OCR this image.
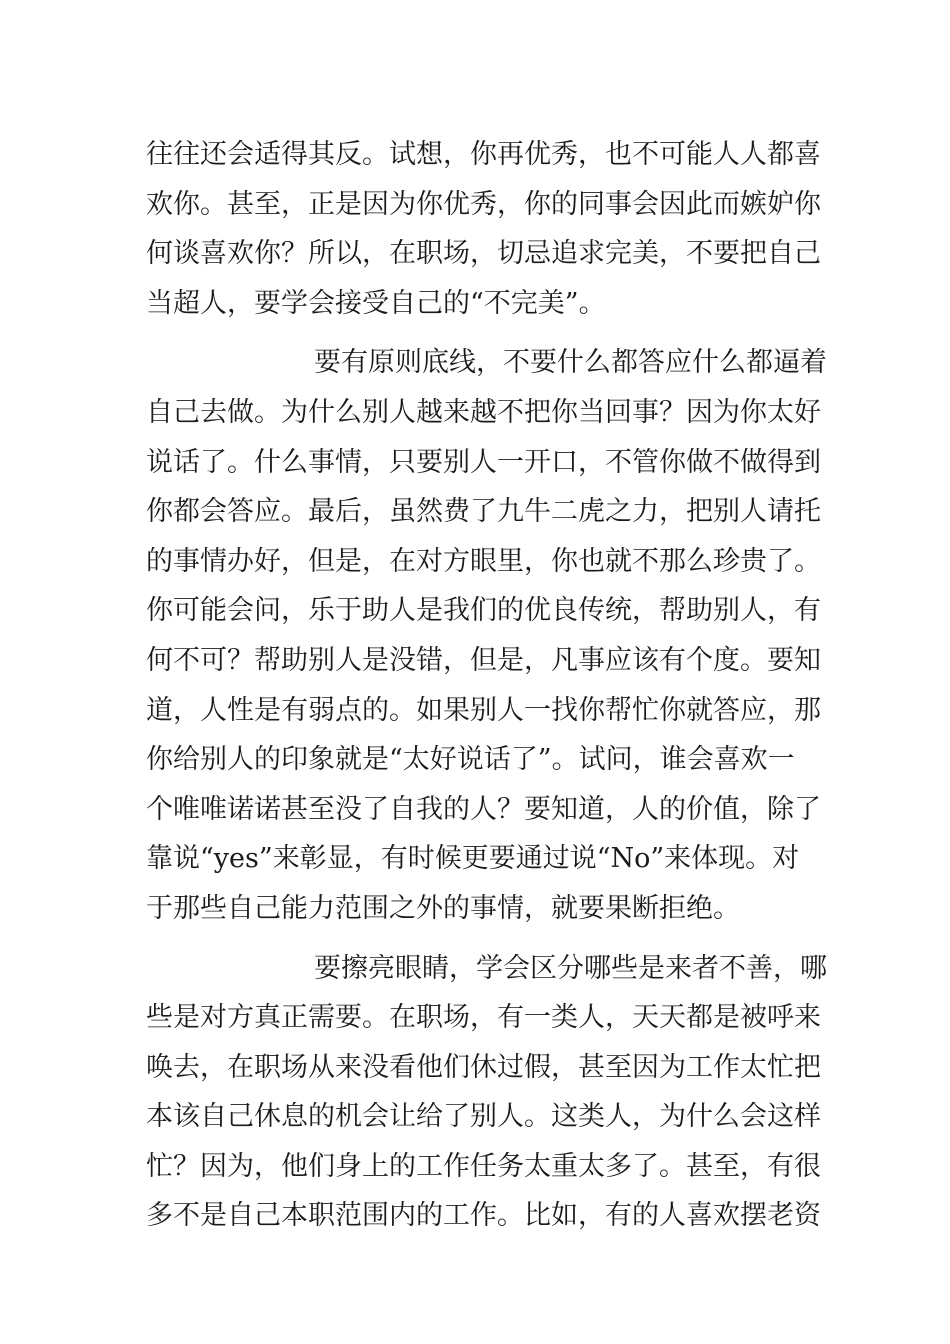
往往还会适得其反。试想，你再优秀，也不可能人人都喜
欢你。甚至，正是因为你优秀，你的同事会因此而嫉妒你
何谈喜欢你？所以，在职场，切忌追求完美，不要把自己
当超人，要学会接受自己的“不完美”。
要有原则底线，不要什么都答应什么都逼着
自己去做。为什么别人越来越不把你当回事？因为你太好
说话了。什么事情，只要别人一开口，不管你做不做得到
你都会答应。最后，虽然费了九牛二虎之力，把别人请托
的事情办好，但是，在对方眼里，你也就不那么珍贵了。
你可能会问，乐于助人是我们的优良传统，帮助别人，有
何不可？帮助别人是没错，但是，凡事应该有个度。要知
道，人性是有弱点的。如果别人一找你帮忙你就答应，那
你给别人的印象就是“太好说话了”。试问，谁会喜欢一
个唯唯诺诺甚至没了自我的人？要知道，人的价值，除了
靠说“yes”来彰显，有时候更要通过说“No”来体现。对
于那些自己能力范围之外的事情，就要果断拒绝。
要擦亮眼睛，学会区分哪些是来者不善，哪
些是对方真正需要。在职场，有一类人，天天都是被呼来
唤去，在职场从来没看他们休过假，甚至因为工作太忙把
本该自己休息的机会让给了别人。这类人，为什么会这样
忙？因为，他们身上的工作任务太重太多了。甚至，有很
多不是自己本职范围内的工作。比如，有的人喜欢摆老资
